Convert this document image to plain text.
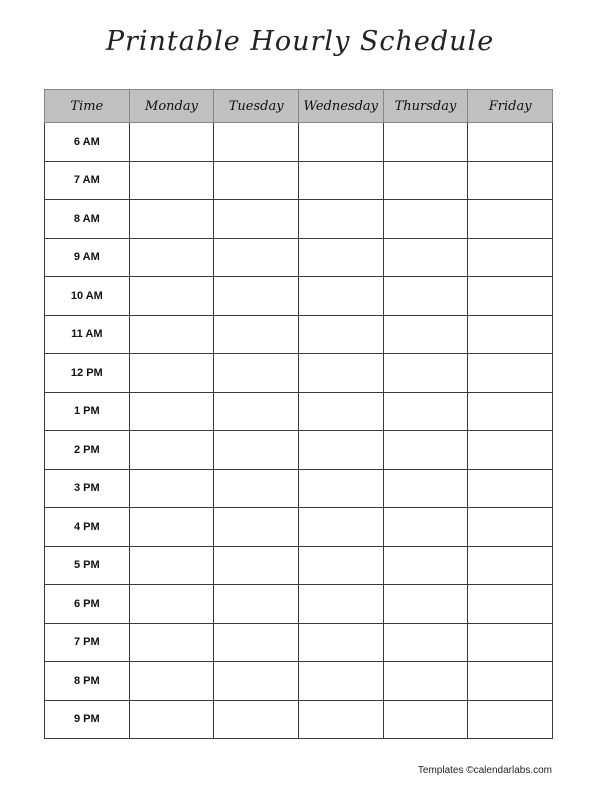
Printable Hourly Schedule
Time	Monday	Tuesday	Wednesday	Thursday	Friday
6 AM					
7 AM					
8 AM					
9 AM					
10 AM					
11 AM					
12 PM					
1 PM					
2 PM					
3 PM					
4 PM					
5 PM					
6 PM					
7 PM					
8 PM					
9 PM					
Templates ©calendarlabs.com
